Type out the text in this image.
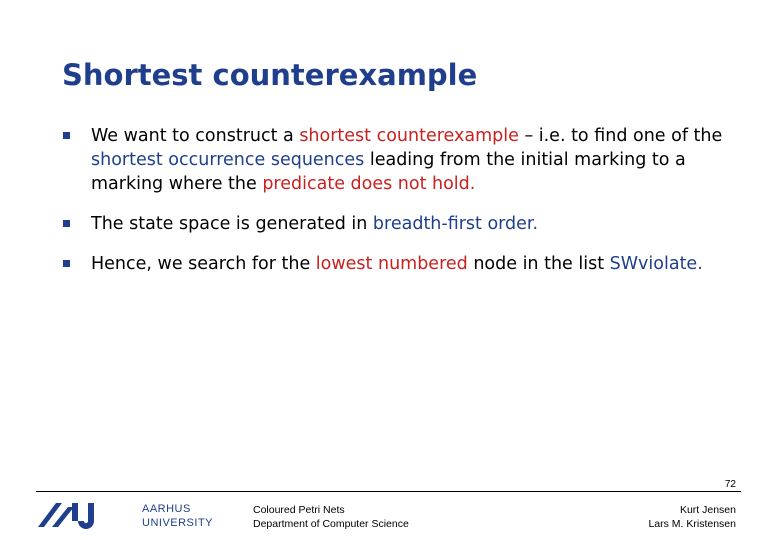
Shortest counterexample
We want to construct a shortest counterexample – i.e. to find one of the shortest occurrence sequences leading from the initial marking to a marking where the predicate does not hold.
The state space is generated in breadth-first order.
Hence, we search for the lowest numbered node in the list SWviolate.
72
AARHUS
UNIVERSITY
Coloured Petri Nets
Department of Computer Science
Kurt Jensen
Lars M. Kristensen
